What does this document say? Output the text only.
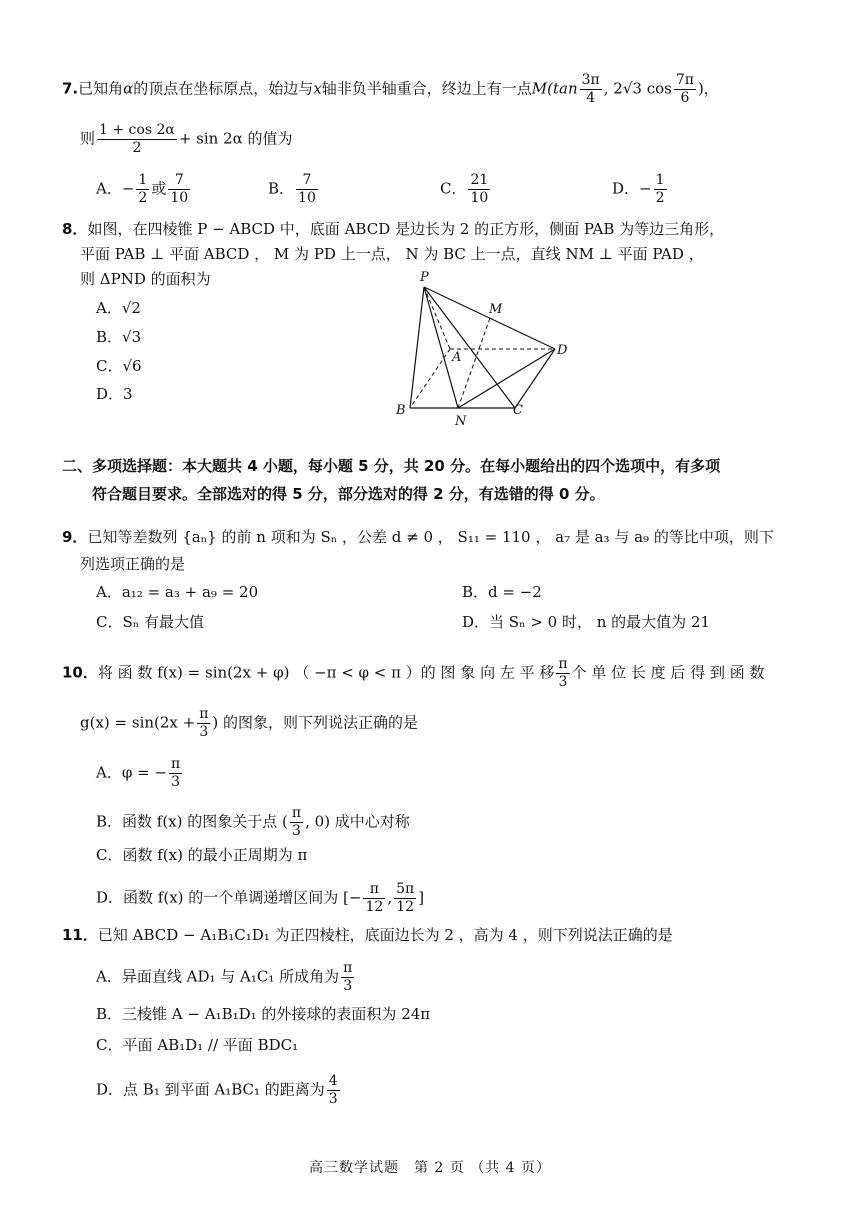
7.已知角α的顶点在坐标原点，始边与x轴非负半轴重合，终边上有一点$M(\tan \frac{3\pi}{4}$ , 2√3 $\cos \frac{7\pi}{6}$ )，
则 $\frac{1 + \cos 2\alpha}{2} + \sin 2\alpha$ 的值为
A．− $\frac{1}{2}$ 或 $\frac{7}{10}$	B． $\frac{7}{10}$	C． $\frac{21}{10}$	D．− $\frac{1}{2}$
8．如图，在四棱锥 P − ABCD 中，底面 ABCD 是边长为 2 的正方形，侧面 PAB 为等边三角形，
平面 PAB ⊥ 平面 ABCD ， M 为 PD 上一点， N 为 BC 上一点，直线 NM ⊥ 平面 PAD ，
则 ΔPND 的面积为
A．√2
B．√3
C．√6
D．3
P
M
A	D
B
N
C
二、多项选择题：本大题共 4 小题，每小题 5 分，共 20 分。在每小题给出的四个选项中，有多项
符合题目要求。全部选对的得 5 分，部分选对的得 2 分，有选错的得 0 分。
9．已知等差数列 {aₙ} 的前 n 项和为 Sₙ ，公差 d ≠ 0 ， S₁₁ = 110 ， a₇ 是 a₃ 与 a₉ 的等比中项，则下
列选项正确的是
A．a₁₂ = a₃ + a₉ = 20	B．d = −2
C．Sₙ 有最大值	D．当 Sₙ > 0 时， n 的最大值为 21
10．将 函 数 f(x) = sin(2x + φ) （ −π < φ < π ）的 图 象 向 左 平 移 $\frac{\pi}{3}$ 个 单 位 长 度 后 得 到 函 数
$g(x) = \sin(2x + \frac{\pi}{3}$ ) 的图象，则下列说法正确的是
A．φ = − $\frac{\pi}{3}$
B．函数 f(x) 的图象关于点 ( $\frac{\pi}{3}$ , 0) 成中心对称
C．函数 f(x) 的最小正周期为 π
D．函数 f(x) 的一个单调递增区间为 [− $\frac{\pi}{12}$ , $\frac{5\pi}{12}$ ]
11．已知 ABCD − A₁B₁C₁D₁ 为正四棱柱，底面边长为 2 ，高为 4 ，则下列说法正确的是
A．异面直线 AD₁ 与 A₁C₁ 所成角为 $\frac{\pi}{3}$
B．三棱锥 A − A₁B₁D₁ 的外接球的表面积为 24π
C．平面 AB₁D₁ // 平面 BDC₁
D．点 B₁ 到平面 A₁BC₁ 的距离为 $\frac{4}{3}$
高三数学试题　第 2 页 （共 4 页）
